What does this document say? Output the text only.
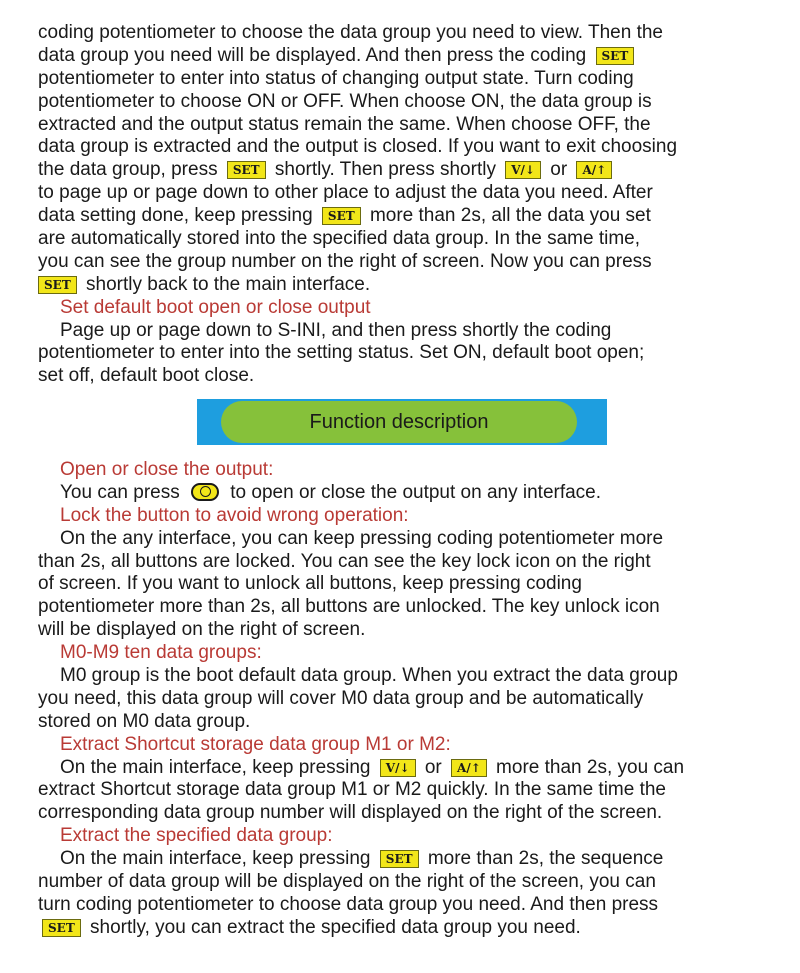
coding potentiometer to choose the data group you need to view. Then the
data group you need will be displayed. And then press the coding SET
potentiometer to enter into status of changing output state. Turn coding
potentiometer to choose ON or OFF. When choose ON, the data group is
extracted and the output status remain the same. When choose OFF, the
data group is extracted and the output is closed. If you want to exit choosing
the data group, press SET shortly. Then press shortly V/↓ or A/↑
to page up or page down to other place to adjust the data you need. After
data setting done, keep pressing SET more than 2s, all the data you set
are automatically stored into the specified data group. In the same time,
you can see the group number on the right of screen. Now you can press
SET shortly back to the main interface.
Set default boot open or close output
Page up or page down to S-INI, and then press shortly the coding
potentiometer to enter into the setting status. Set ON, default boot open;
set off, default boot close.
Function description
Open or close the output:
You can press	to open or close the output on any interface.
Lock the button to avoid wrong operation:
On the any interface, you can keep pressing coding potentiometer more
than 2s, all buttons are locked. You can see the key lock icon on the right
of screen. If you want to unlock all buttons, keep pressing coding
potentiometer more than 2s, all buttons are unlocked. The key unlock icon
will be displayed on the right of screen.
M0-M9 ten data groups:
M0 group is the boot default data group. When you extract the data group
you need, this data group will cover M0 data group and be automatically
stored on M0 data group.
Extract Shortcut storage data group M1 or M2:
On the main interface, keep pressing V/↓ or A/↑ more than 2s, you can
extract Shortcut storage data group M1 or M2 quickly. In the same time the
corresponding data group number will displayed on the right of the screen.
Extract the specified data group:
On the main interface, keep pressing SET more than 2s, the sequence
number of data group will be displayed on the right of the screen, you can
turn coding potentiometer to choose data group you need. And then press
SET shortly, you can extract the specified data group you need.
